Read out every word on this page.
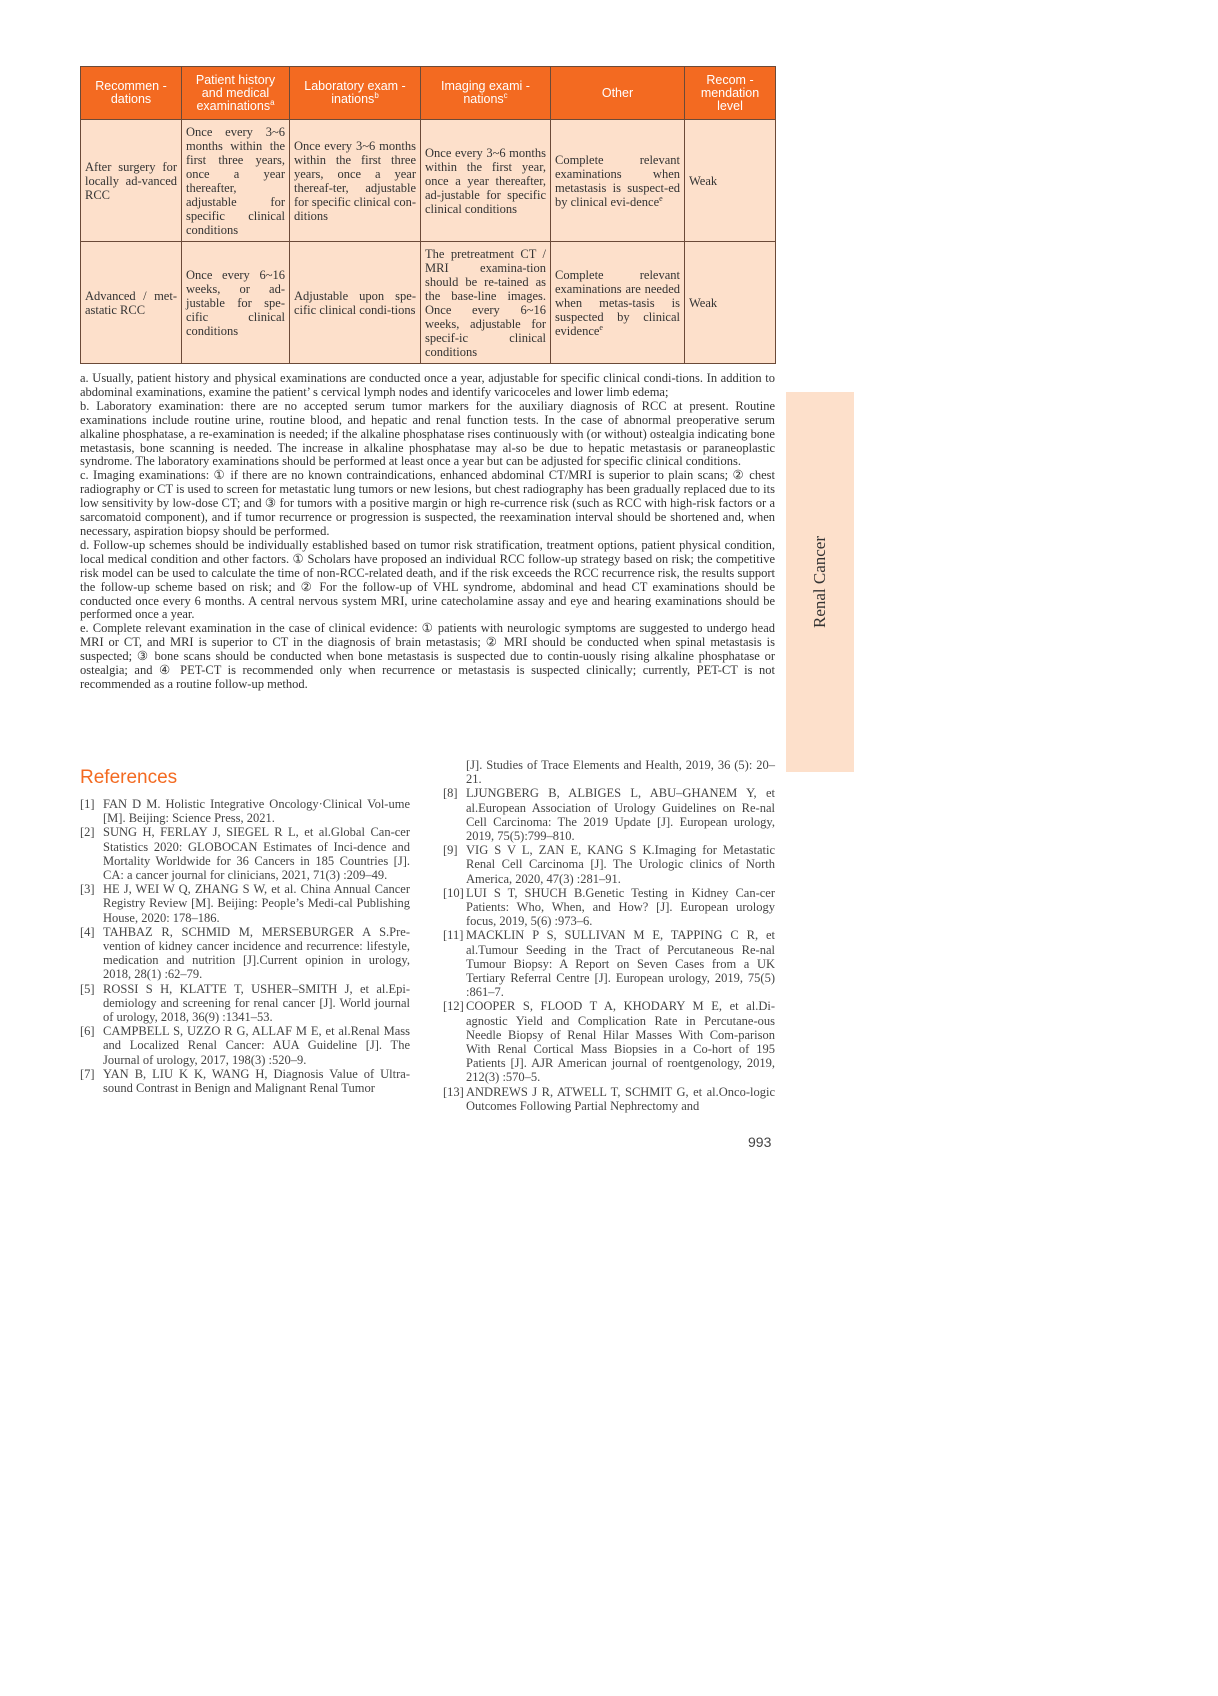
Recommen -dations	Patient history and medical examinations$^a$	Laboratory exam -inations$^b$	Imaging exami -nations$^c$	Other	Recom -mendation level
After surgery for locally ad-vanced RCC	Once every 3~6 months within the first three years, once a year thereafter, adjustable for specific clinical conditions	Once every 3~6 months within the first three years, once a year thereaf-ter, adjustable for specific clinical con-ditions	Once every 3~6 months within the first year, once a year thereafter, ad-justable for specific clinical conditions	Complete relevant examinations when metastasis is suspect-ed by clinical evi-dence$^e$	Weak
Advanced / met-astatic RCC	Once every 6~16 weeks, or ad-justable for spe-cific clinical conditions	Adjustable upon spe-cific clinical condi-tions	The pretreatment CT / MRI examina-tion should be re-tained as the base-line images. Once every 6~16 weeks, adjustable for specif-ic clinical conditions	Complete relevant examinations are needed when metas-tasis is suspected by clinical evidence$^e$	Weak

a. Usually, patient history and physical examinations are conducted once a year, adjustable for specific clinical condi-tions. In addition to abdominal examinations, examine the patient’ s cervical lymph nodes and identify varicoceles and lower limb edema;

b. Laboratory examination: there are no accepted serum tumor markers for the auxiliary diagnosis of RCC at present. Routine examinations include routine urine, routine blood, and hepatic and renal function tests. In the case of abnormal preoperative serum alkaline phosphatase, a re-examination is needed; if the alkaline phosphatase rises continuously with (or without) ostealgia indicating bone metastasis, bone scanning is needed. The increase in alkaline phosphatase may al-so be due to hepatic metastasis or paraneoplastic syndrome. The laboratory examinations should be performed at least once a year but can be adjusted for specific clinical conditions.

c. Imaging examinations: ① if there are no known contraindications, enhanced abdominal CT/MRI is superior to plain scans; ② chest radiography or CT is used to screen for metastatic lung tumors or new lesions, but chest radiography has been gradually replaced due to its low sensitivity by low-dose CT; and ③ for tumors with a positive margin or high re-currence risk (such as RCC with high-risk factors or a sarcomatoid component), and if tumor recurrence or progression is suspected, the reexamination interval should be shortened and, when necessary, aspiration biopsy should be performed.

d. Follow-up schemes should be individually established based on tumor risk stratification, treatment options, patient physical condition, local medical condition and other factors. ① Scholars have proposed an individual RCC follow-up strategy based on risk; the competitive risk model can be used to calculate the time of non-RCC-related death, and if the risk exceeds the RCC recurrence risk, the results support the follow-up scheme based on risk; and ② For the follow-up of VHL syndrome, abdominal and head CT examinations should be conducted once every 6 months. A central nervous system MRI, urine catecholamine assay and eye and hearing examinations should be performed once a year.

e. Complete relevant examination in the case of clinical evidence: ① patients with neurologic symptoms are suggested to undergo head MRI or CT, and MRI is superior to CT in the diagnosis of brain metastasis; ② MRI should be conducted when spinal metastasis is suspected; ③ bone scans should be conducted when bone metastasis is suspected due to contin-uously rising alkaline phosphatase or ostealgia; and ④ PET-CT is recommended only when recurrence or metastasis is suspected clinically; currently, PET-CT is not recommended as a routine follow-up method.

Renal Cancer
References

[1] FAN D M. Holistic Integrative Oncology·Clinical Vol-ume [M]. Beijing: Science Press, 2021.

[2] SUNG H, FERLAY J, SIEGEL R L, et al.Global Can-cer Statistics 2020: GLOBOCAN Estimates of Inci-dence and Mortality Worldwide for 36 Cancers in 185 Countries [J]. CA: a cancer journal for clinicians, 2021, 71(3) :209–49.

[3] HE J, WEI W Q, ZHANG S W, et al. China Annual Cancer Registry Review [M]. Beijing: People’s Medi-cal Publishing House, 2020: 178–186.

[4] TAHBAZ R, SCHMID M, MERSEBURGER A S.Pre-vention of kidney cancer incidence and recurrence: lifestyle, medication and nutrition [J].Current opinion in urology, 2018, 28(1) :62–79.

[5] ROSSI S H, KLATTE T, USHER–SMITH J, et al.Epi-demiology and screening for renal cancer [J]. World journal of urology, 2018, 36(9) :1341–53.

[6] CAMPBELL S, UZZO R G, ALLAF M E, et al.Renal Mass and Localized Renal Cancer: AUA Guideline [J]. The Journal of urology, 2017, 198(3) :520–9.

[7] YAN B, LIU K K, WANG H, Diagnosis Value of Ultra-sound Contrast in Benign and Malignant Renal Tumor

[J]. Studies of Trace Elements and Health, 2019, 36 (5): 20–21.

[8] LJUNGBERG B, ALBIGES L, ABU–GHANEM Y, et al.European Association of Urology Guidelines on Re-nal Cell Carcinoma: The 2019 Update [J]. European urology, 2019, 75(5):799–810.

[9] VIG S V L, ZAN E, KANG S K.Imaging for Metastatic Renal Cell Carcinoma [J]. The Urologic clinics of North America, 2020, 47(3) :281–91.

[10] LUI S T, SHUCH B.Genetic Testing in Kidney Can-cer Patients: Who, When, and How? [J]. European urology focus, 2019, 5(6) :973–6.

[11] MACKLIN P S, SULLIVAN M E, TAPPING C R, et al.Tumour Seeding in the Tract of Percutaneous Re-nal Tumour Biopsy: A Report on Seven Cases from a UK Tertiary Referral Centre [J]. European urology, 2019, 75(5) :861–7.

[12] COOPER S, FLOOD T A, KHODARY M E, et al.Di-agnostic Yield and Complication Rate in Percutane-ous Needle Biopsy of Renal Hilar Masses With Com-parison With Renal Cortical Mass Biopsies in a Co-hort of 195 Patients [J]. AJR American journal of roentgenology, 2019, 212(3) :570–5.

[13] ANDREWS J R, ATWELL T, SCHMIT G, et al.Onco-logic Outcomes Following Partial Nephrectomy and

993
